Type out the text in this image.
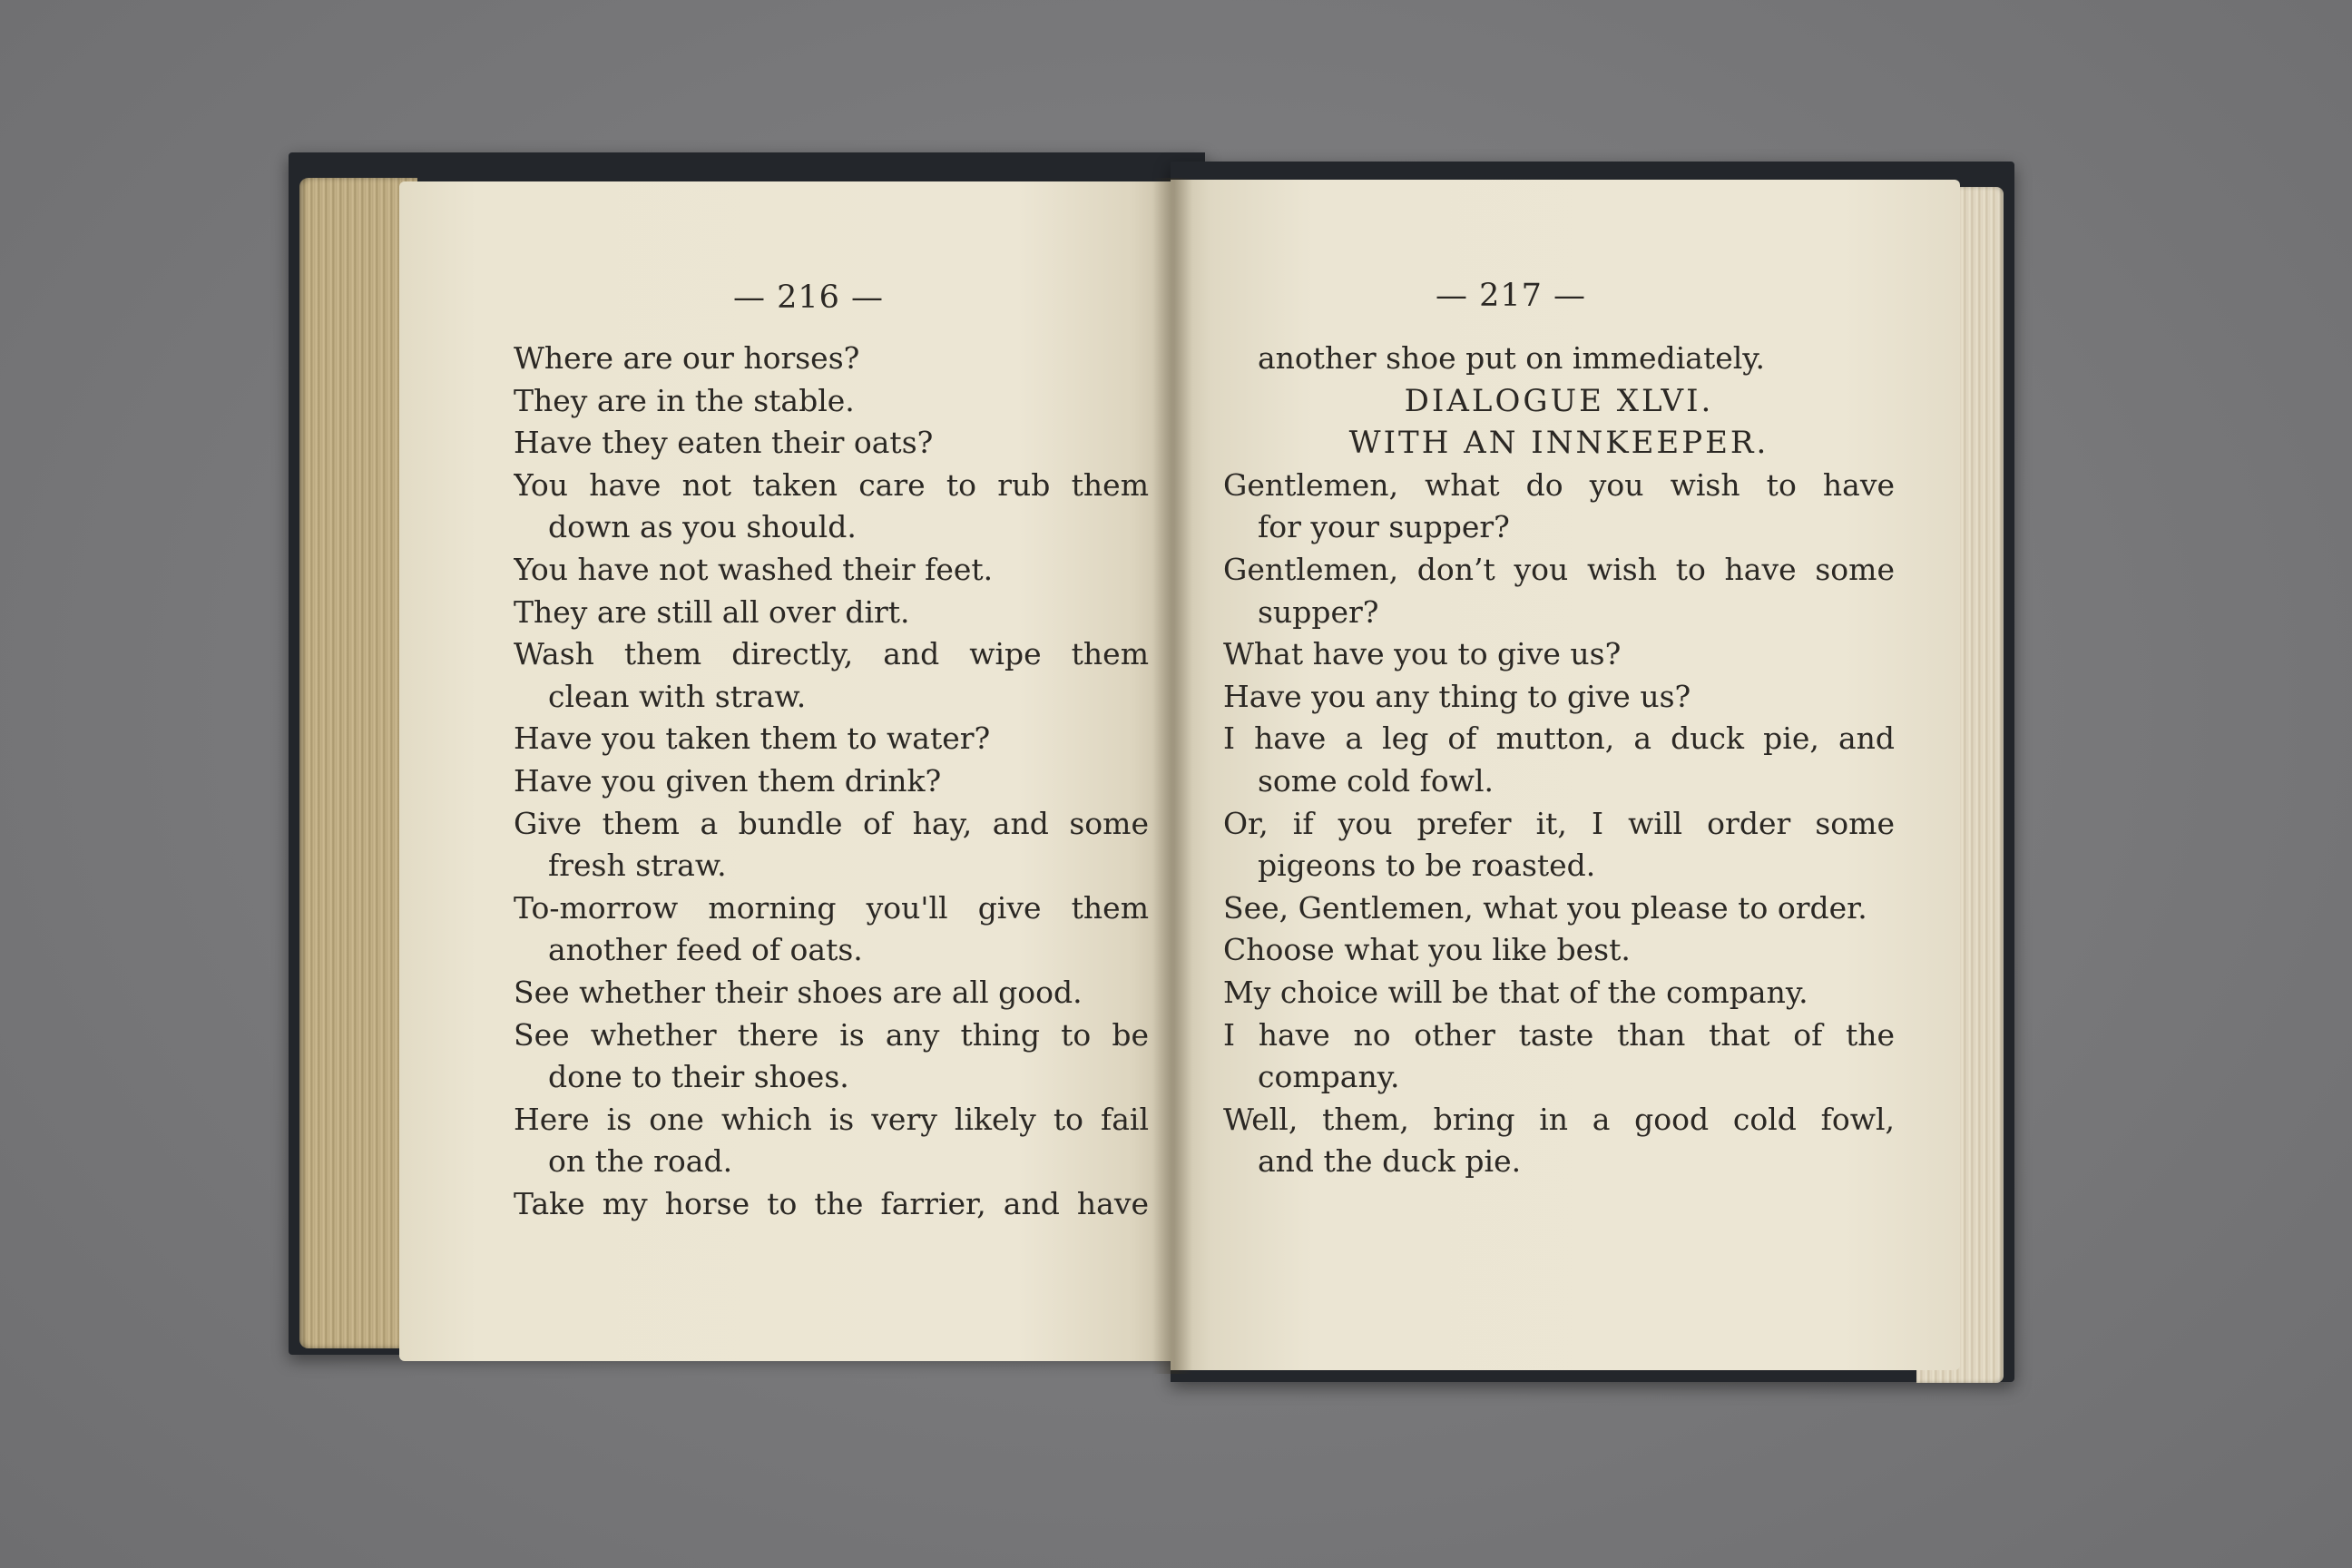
— 216 —
Where are our horses?
They are in the stable.
Have they eaten their oats?
You have not taken care to rub them
down as you should.
You have not washed their feet.
They are still all over dirt.
Wash them directly, and wipe them
clean with straw.
Have you taken them to water?
Have you given them drink?
Give them a bundle of hay, and some
fresh straw.
To-morrow morning you'll give them
another feed of oats.
See whether their shoes are all good.
See whether there is any thing to be
done to their shoes.
Here is one which is very likely to fail
on the road.
Take my horse to the farrier, and have
— 217 —
another shoe put on immediately.
DIALOGUE XLVI.
WITH AN INNKEEPER.
Gentlemen, what do you wish to have
for your supper?
Gentlemen, don’t you wish to have some
supper?
What have you to give us?
Have you any thing to give us?
I have a leg of mutton, a duck pie, and
some cold fowl.
Or, if you prefer it, I will order some
pigeons to be roasted.
See, Gentlemen, what you please to order.
Choose what you like best.
My choice will be that of the company.
I have no other taste than that of the
company.
Well, them, bring in a good cold fowl,
and the duck pie.
